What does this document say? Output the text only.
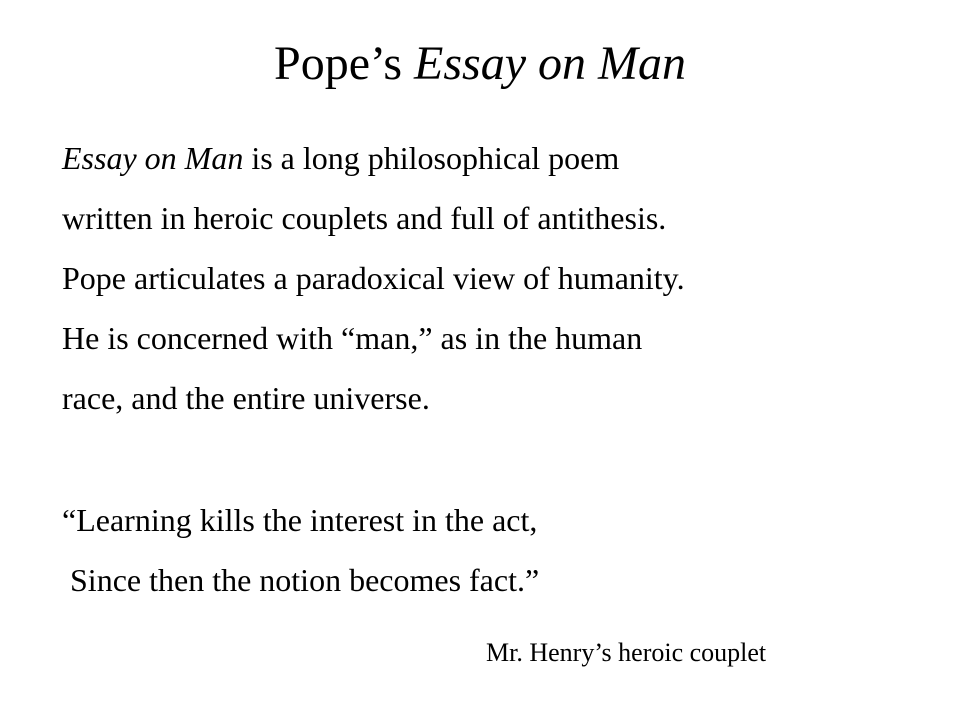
Pope’s Essay on Man
Essay on Man is a long philosophical poem
written in heroic couplets and full of antithesis.
Pope articulates a paradoxical view of humanity.
He is concerned with “man,” as in the human
race, and the entire universe.
“Learning kills the interest in the act,
Since then the notion becomes fact.”
Mr. Henry’s heroic couplet
